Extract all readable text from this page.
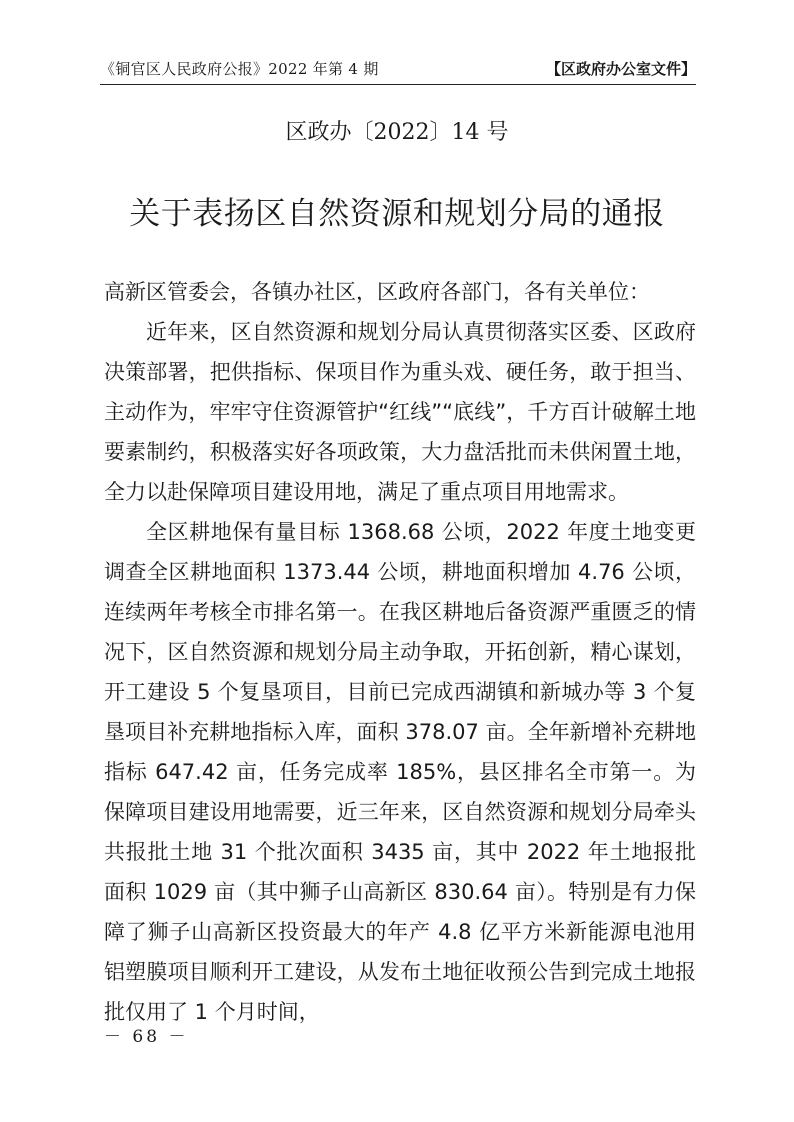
《铜官区人民政府公报》2022 年第 4 期	【区政府办公室文件】
区政办〔2022〕14 号
关于表扬区自然资源和规划分局的通报

高新区管委会，各镇办社区，区政府各部门，各有关单位：

近年来，区自然资源和规划分局认真贯彻落实区委、区政府决策部署，把供指标、保项目作为重头戏、硬任务，敢于担当、主动作为，牢牢守住资源管护“红线”“底线”，千方百计破解土地要素制约，积极落实好各项政策，大力盘活批而未供闲置土地，全力以赴保障项目建设用地，满足了重点项目用地需求。

全区耕地保有量目标 1368.68 公顷，2022 年度土地变更调查全区耕地面积 1373.44 公顷，耕地面积增加 4.76 公顷，连续两年考核全市排名第一。在我区耕地后备资源严重匮乏的情况下，区自然资源和规划分局主动争取，开拓创新，精心谋划，开工建设 5 个复垦项目，目前已完成西湖镇和新城办等 3 个复垦项目补充耕地指标入库，面积 378.07 亩。全年新增补充耕地指标 647.42 亩，任务完成率 185%，县区排名全市第一。为保障项目建设用地需要，近三年来，区自然资源和规划分局牵头共报批土地 31 个批次面积 3435 亩，其中 2022 年土地报批面积 1029 亩（其中狮子山高新区 830.64 亩）。特别是有力保障了狮子山高新区投资最大的年产 4.8 亿平方米新能源电池用铝塑膜项目顺利开工建设，从发布土地征收预公告到完成土地报批仅用了 1 个月时间，

－ 68 －
